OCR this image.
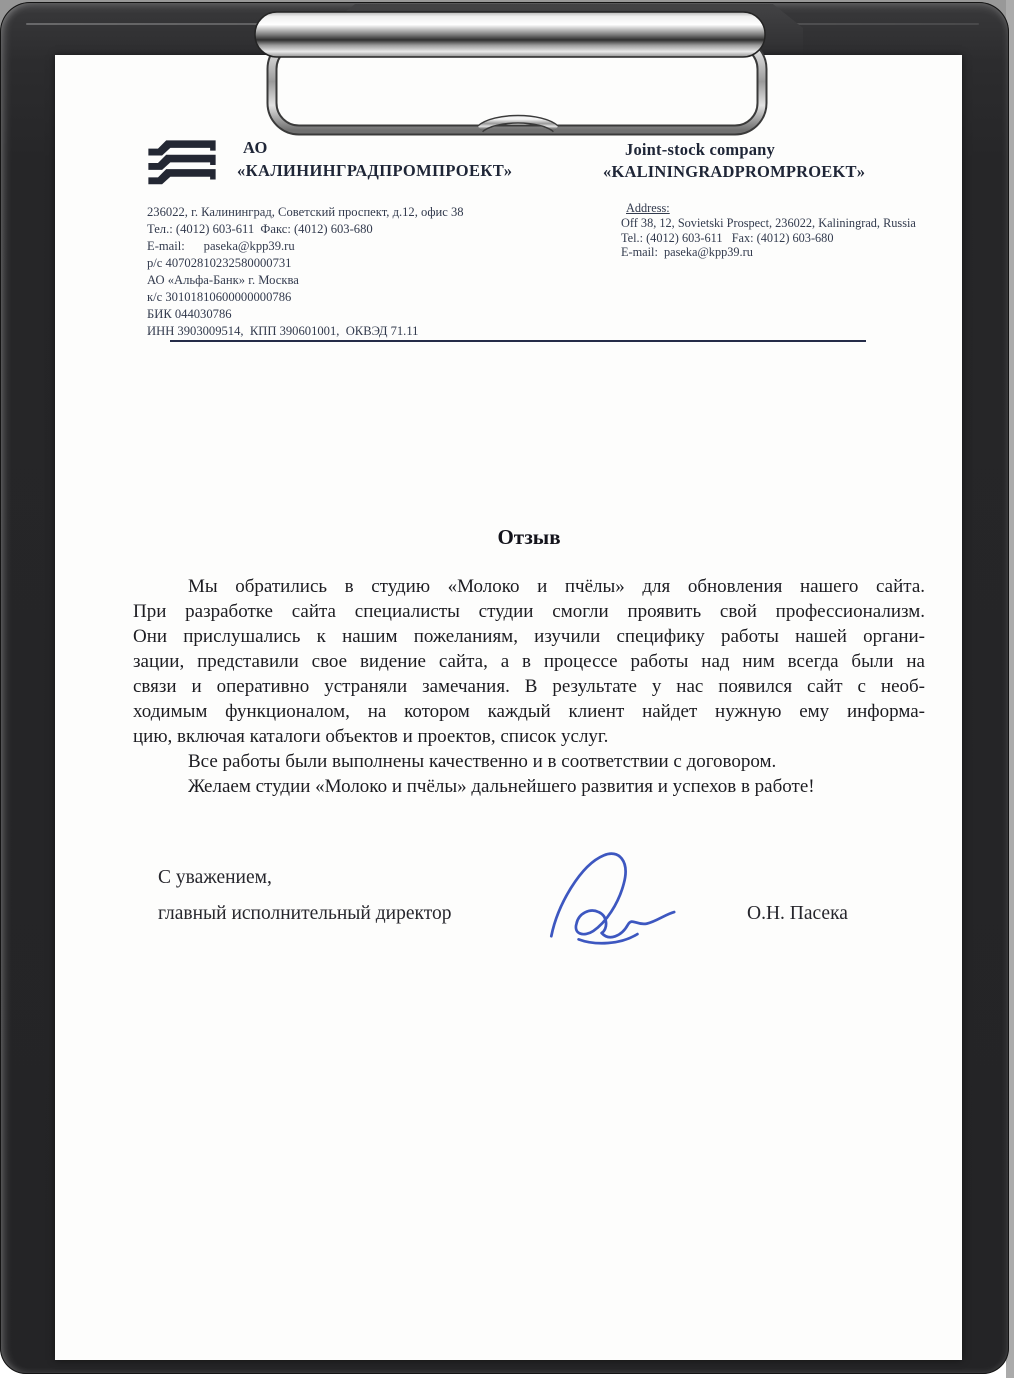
АО
«КАЛИНИНГРАДПРОМПРОЕКТ»
236022, г. Калининград, Советский проспект, д.12, офис 38
Тел.: (4012) 603-611  Факс: (4012) 603-680
E-mail:      paseka@kpp39.ru
р/с 40702810232580000731
АО «Альфа-Банк» г. Москва
к/с 30101810600000000786
БИК 044030786
ИНН 3903009514,  КПП 390601001,  ОКВЭД 71.11
Joint-stock company
«KALININGRADPROMPROEKT»
Address:
Off 38, 12, Sovietski Prospect, 236022, Kaliningrad, Russia
Tel.: (4012) 603-611   Fax: (4012) 603-680
E-mail:  paseka@kpp39.ru
Отзыв
Мы обратились в студию «Молоко и пчёлы» для обновления нашего сайта.
При разработке сайта специалисты студии смогли проявить свой профессионализм.
Они прислушались к нашим пожеланиям, изучили специфику работы нашей органи-
зации, представили свое видение сайта, а в процессе работы над ним всегда были на
связи и оперативно устраняли замечания. В результате у нас появился сайт с необ-
ходимым функционалом, на котором каждый клиент найдет нужную ему информа-
цию, включая каталоги объектов и проектов, список услуг.
Все работы были выполнены качественно и в соответствии с договором.
Желаем студии «Молоко и пчёлы» дальнейшего развития и успехов в работе!
С уважением,
главный исполнительный директор	О.Н. Пасека
